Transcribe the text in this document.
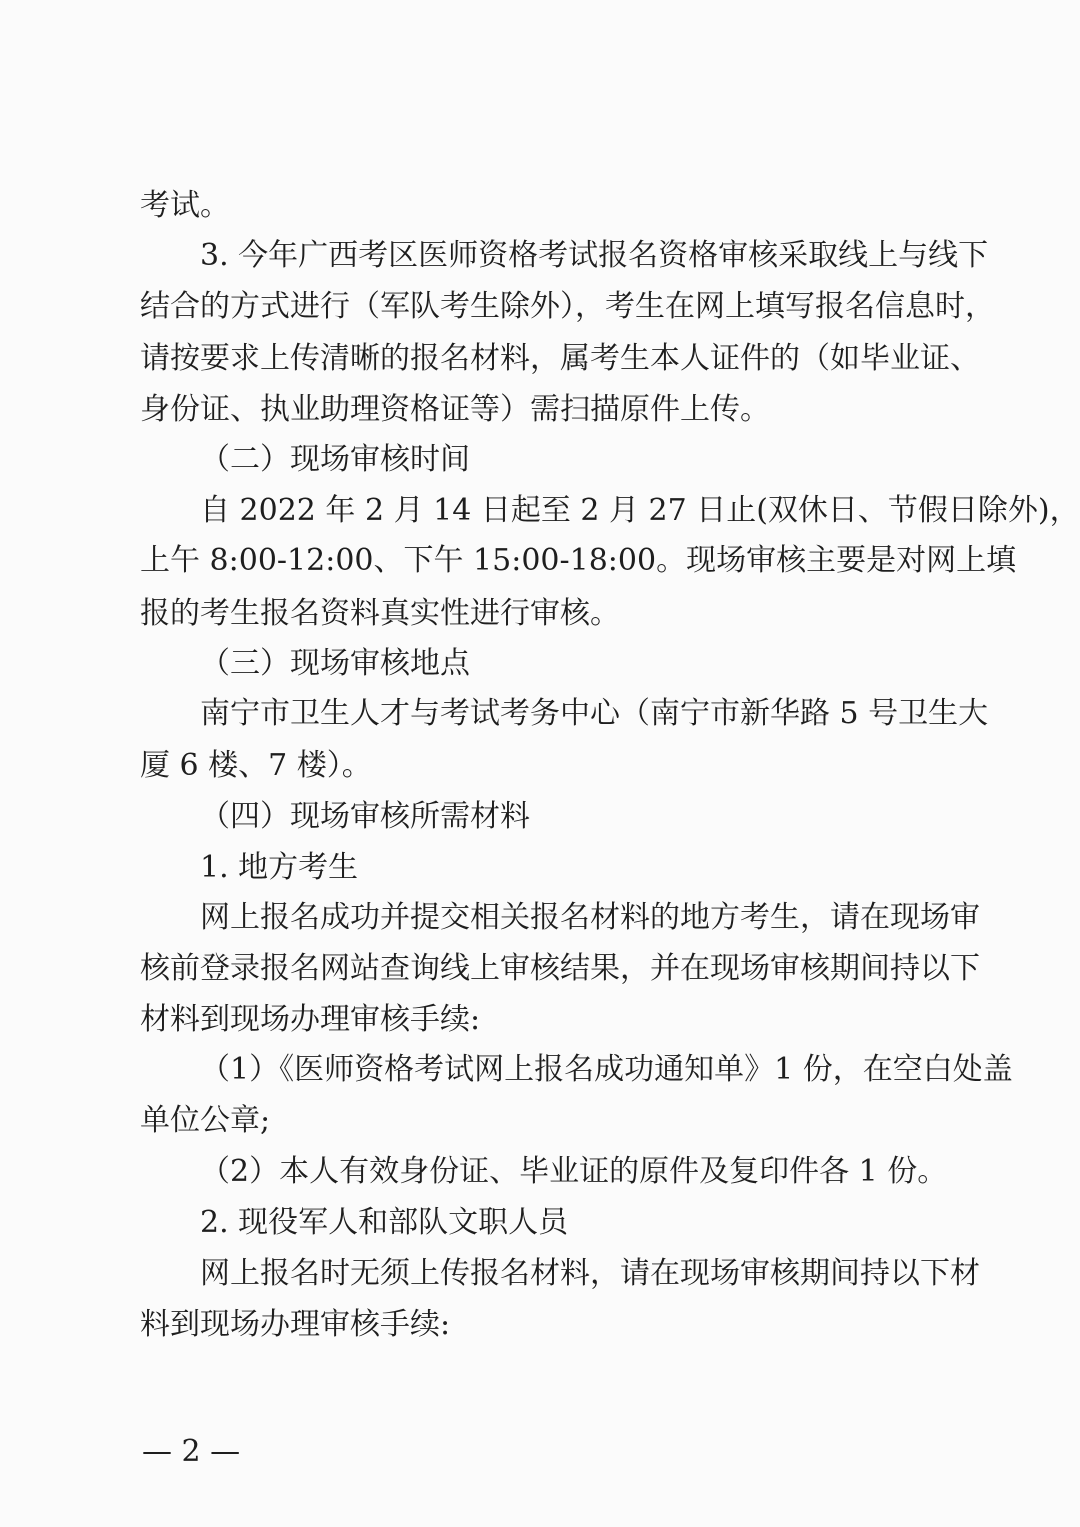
考试。

3. 今年广西考区医师资格考试报名资格审核采取线上与线下

结合的方式进行（军队考生除外），考生在网上填写报名信息时，

请按要求上传清晰的报名材料，属考生本人证件的（如毕业证、

身份证、执业助理资格证等）需扫描原件上传。

（二）现场审核时间

自 2022 年 2 月 14 日起至 2 月 27 日止(双休日、节假日除外)，

上午 8:00-12:00、下午 15:00-18:00。现场审核主要是对网上填

报的考生报名资料真实性进行审核。

（三）现场审核地点

南宁市卫生人才与考试考务中心（南宁市新华路 5 号卫生大

厦 6 楼、7 楼）。

（四）现场审核所需材料

1. 地方考生

网上报名成功并提交相关报名材料的地方考生，请在现场审

核前登录报名网站查询线上审核结果，并在现场审核期间持以下

材料到现场办理审核手续:

（1）《医师资格考试网上报名成功通知单》1 份，在空白处盖

单位公章;

（2）本人有效身份证、毕业证的原件及复印件各 1 份。

2. 现役军人和部队文职人员

网上报名时无须上传报名材料，请在现场审核期间持以下材

料到现场办理审核手续:

— 2 —
